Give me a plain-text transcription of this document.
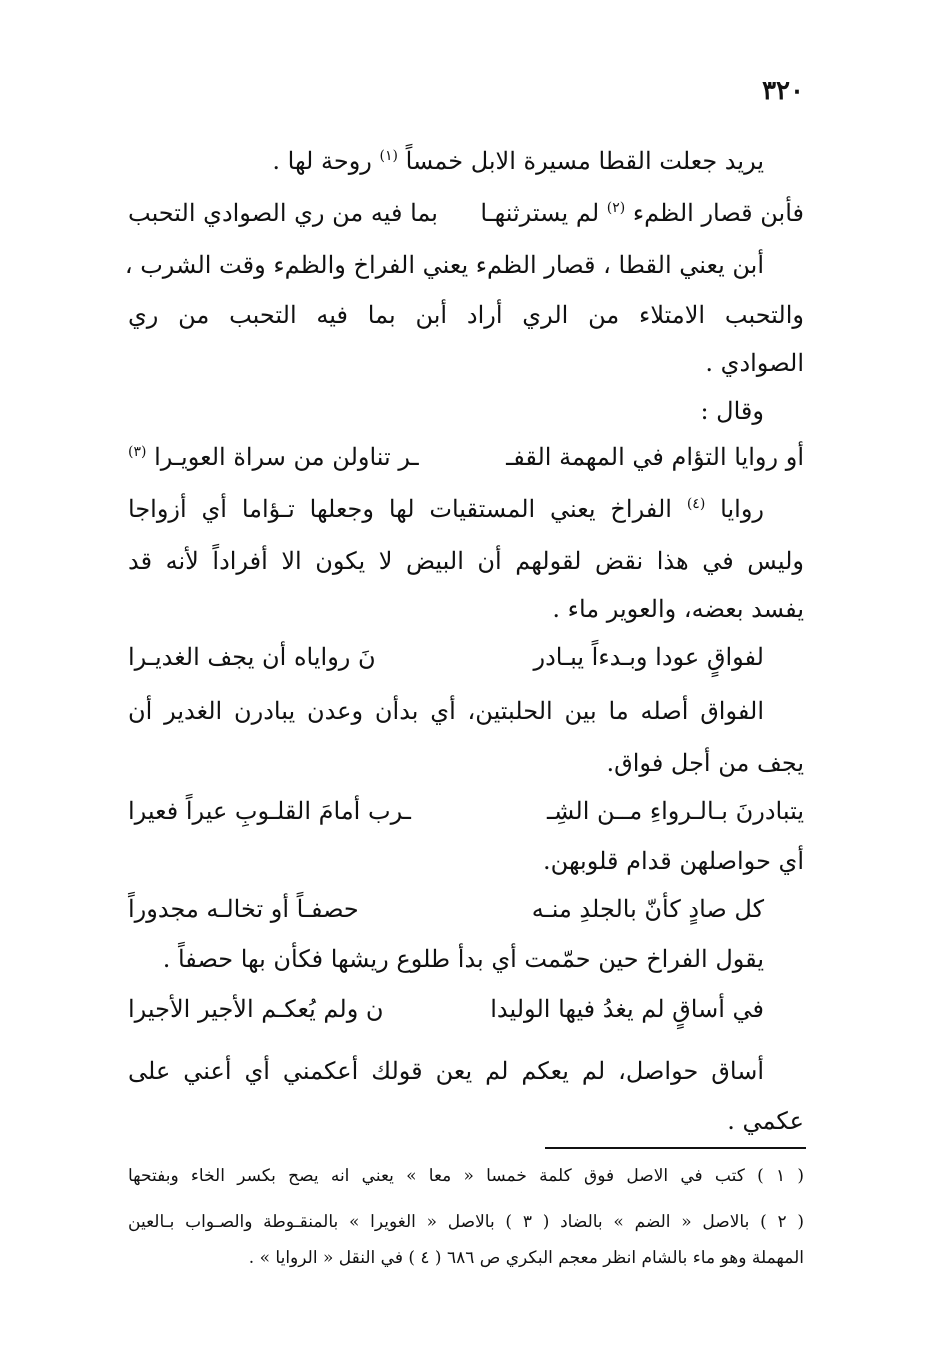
٣٢٠
يريد جعلت القطا مسيرة الابل خمساً $^{(١)}$ روحة لها .
فأبن قصار الظمء $^{(٢)}$ لم يسترثنهـا
بما فيه من ري الصوادي التحبب
أبن يعني القطا ، قصار الظمء يعني الفراخ والظمء وقت الشرب ،
والتحبب الامتلاء من الري أراد أبن بما فيه التحبب من ري
الصوادي .
وقال :
أو روايا التؤام في المهمة القفـ
ـر تناولن من سراة العويـرا $^{(٣)}$
روايا $^{(٤)}$ الفراخ يعني المستقيات لها وجعلها تـؤاما أي أزواجا
وليس في هذا نقض لقولهم أن البيض لا يكون الا أفراداً لأنه قد
يفسد بعضه، والعوير ماء .
لفواقٍ عودا وبـدءاً يبـادر
نَ رواياه أن يجف الغديـرا
الفواق أصله ما بين الحلبتين، أي بدأن وعدن يبادرن الغدير أن
يجف من أجل فواق.
يتبادرنَ بـالـرواءِ مــن الشِـ
ـرب أمامَ القلـوبِ عيراً فعيرا
أي حواصلهن قدام قلوبهن.
كل صادٍ كأنّ بالجلدِ منـه
حصفـاً أو تخالـه مجدوراً
يقول الفراخ حين حمّمت أي بدأ طلوع ريشها فكأن بها حصفاً .
في أساقٍ لم يغدُ فيها الوليدا
ن ولم يُعكـم الأجير الأجيرا
أساق حواصل، لم يعكم لم يعن قولك أعكمني أي أعني على
عكمي .
( ١ ) كتب في الاصل فوق كلمة خمسا « معا » يعني انه يصح بكسر الخاء وبفتحها
( ٢ ) بالاصل « الضم » بالضاد ( ٣ ) بالاصل « الغويرا » بالمنقـوطة والصـواب بـالعين
المهملة وهو ماء بالشام انظر معجم البكري ص ٦٨٦ ( ٤ ) في النقل « الروايا » .
